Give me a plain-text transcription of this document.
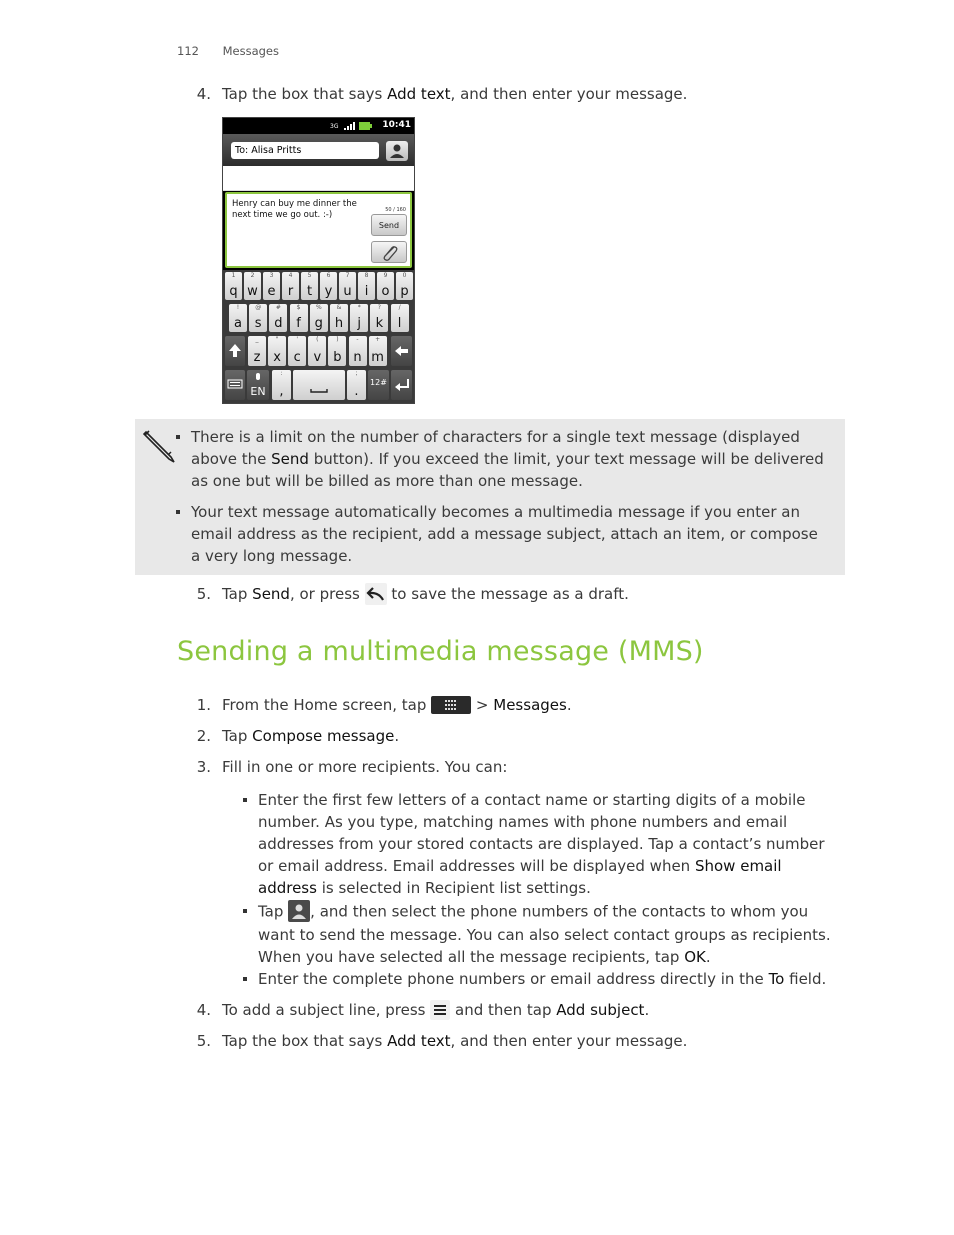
112 Messages
4. Tap the box that says Add text, and then enter your message.
3G	10:41
To: Alisa Pritts
Henry can buy me dinner the next time we go out. :-)	50 / 160
Send
1
q
2
w
3
e
4
r
5
t
6
y
7
u
8
i
9
o
0
p
!
a
@
s
#
d
$
f
%
g
&
h
*
j
?
k
/
l
_
z
"
x
'
c
(
v
)
b
-
n
+
m
EN
:
,
;
.
12#
There is a limit on the number of characters for a single text message (displayed above the Send button). If you exceed the limit, your text message will be delivered as one but will be billed as more than one message.
Your text message automatically becomes a multimedia message if you enter an email address as the recipient, add a message subject, attach an item, or compose a very long message.
5. Tap Send, or press  to save the message as a draft.
Sending a multimedia message (MMS)
1. From the Home screen, tap	> Messages.
2. Tap Compose message.
3. Fill in one or more recipients. You can:
Enter the first few letters of a contact name or starting digits of a mobile number. As you type, matching names with phone numbers and email addresses from your stored contacts are displayed. Tap a contact’s number or email address. Email addresses will be displayed when Show email address is selected in Recipient list settings.
Tap , and then select the phone numbers of the contacts to whom you want to send the message. You can also select contact groups as recipients. When you have selected all the message recipients, tap OK.
Enter the complete phone numbers or email address directly in the To field.
4. To add a subject line, press  and then tap Add subject.
5. Tap the box that says Add text, and then enter your message.
